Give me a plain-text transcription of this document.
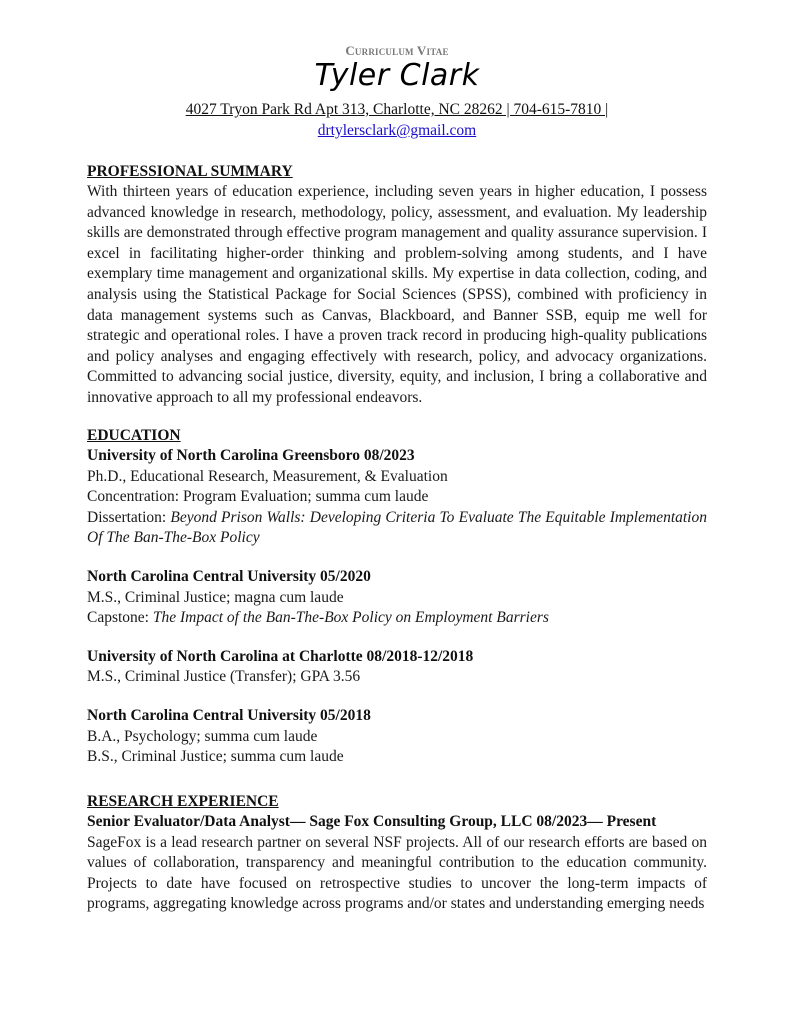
Curriculum Vitae
Tyler Clark
4027 Tryon Park Rd Apt 313, Charlotte, NC 28262 | 704-615-7810 |
drtylersclark@gmail.com
PROFESSIONAL SUMMARY

With thirteen years of education experience, including seven years in higher education, I possess advanced knowledge in research, methodology, policy, assessment, and evaluation. My leadership skills are demonstrated through effective program management and quality assurance supervision. I excel in facilitating higher-order thinking and problem-solving among students, and I have exemplary time management and organizational skills. My expertise in data collection, coding, and analysis using the Statistical Package for Social Sciences (SPSS), combined with proficiency in data management systems such as Canvas, Blackboard, and Banner SSB, equip me well for strategic and operational roles. I have a proven track record in producing high-quality publications and policy analyses and engaging effectively with research, policy, and advocacy organizations. Committed to advancing social justice, diversity, equity, and inclusion, I bring a collaborative and innovative approach to all my professional endeavors.

EDUCATION
University of North Carolina Greensboro 08/2023
Ph.D., Educational Research, Measurement, & Evaluation
Concentration: Program Evaluation; summa cum laude

Dissertation: Beyond Prison Walls: Developing Criteria To Evaluate The Equitable Implementation Of The Ban-The-Box Policy

North Carolina Central University 05/2020
M.S., Criminal Justice; magna cum laude
Capstone: The Impact of the Ban-The-Box Policy on Employment Barriers
University of North Carolina at Charlotte 08/2018-12/2018
M.S., Criminal Justice (Transfer); GPA 3.56
North Carolina Central University 05/2018
B.A., Psychology; summa cum laude
B.S., Criminal Justice; summa cum laude
RESEARCH EXPERIENCE
Senior Evaluator/Data Analyst— Sage Fox Consulting Group, LLC 08/2023— Present

SageFox is a lead research partner on several NSF projects. All of our research efforts are based on values of collaboration, transparency and meaningful contribution to the education community. Projects to date have focused on retrospective studies to uncover the long-term impacts of programs, aggregating knowledge across programs and/or states and understanding emerging needs
